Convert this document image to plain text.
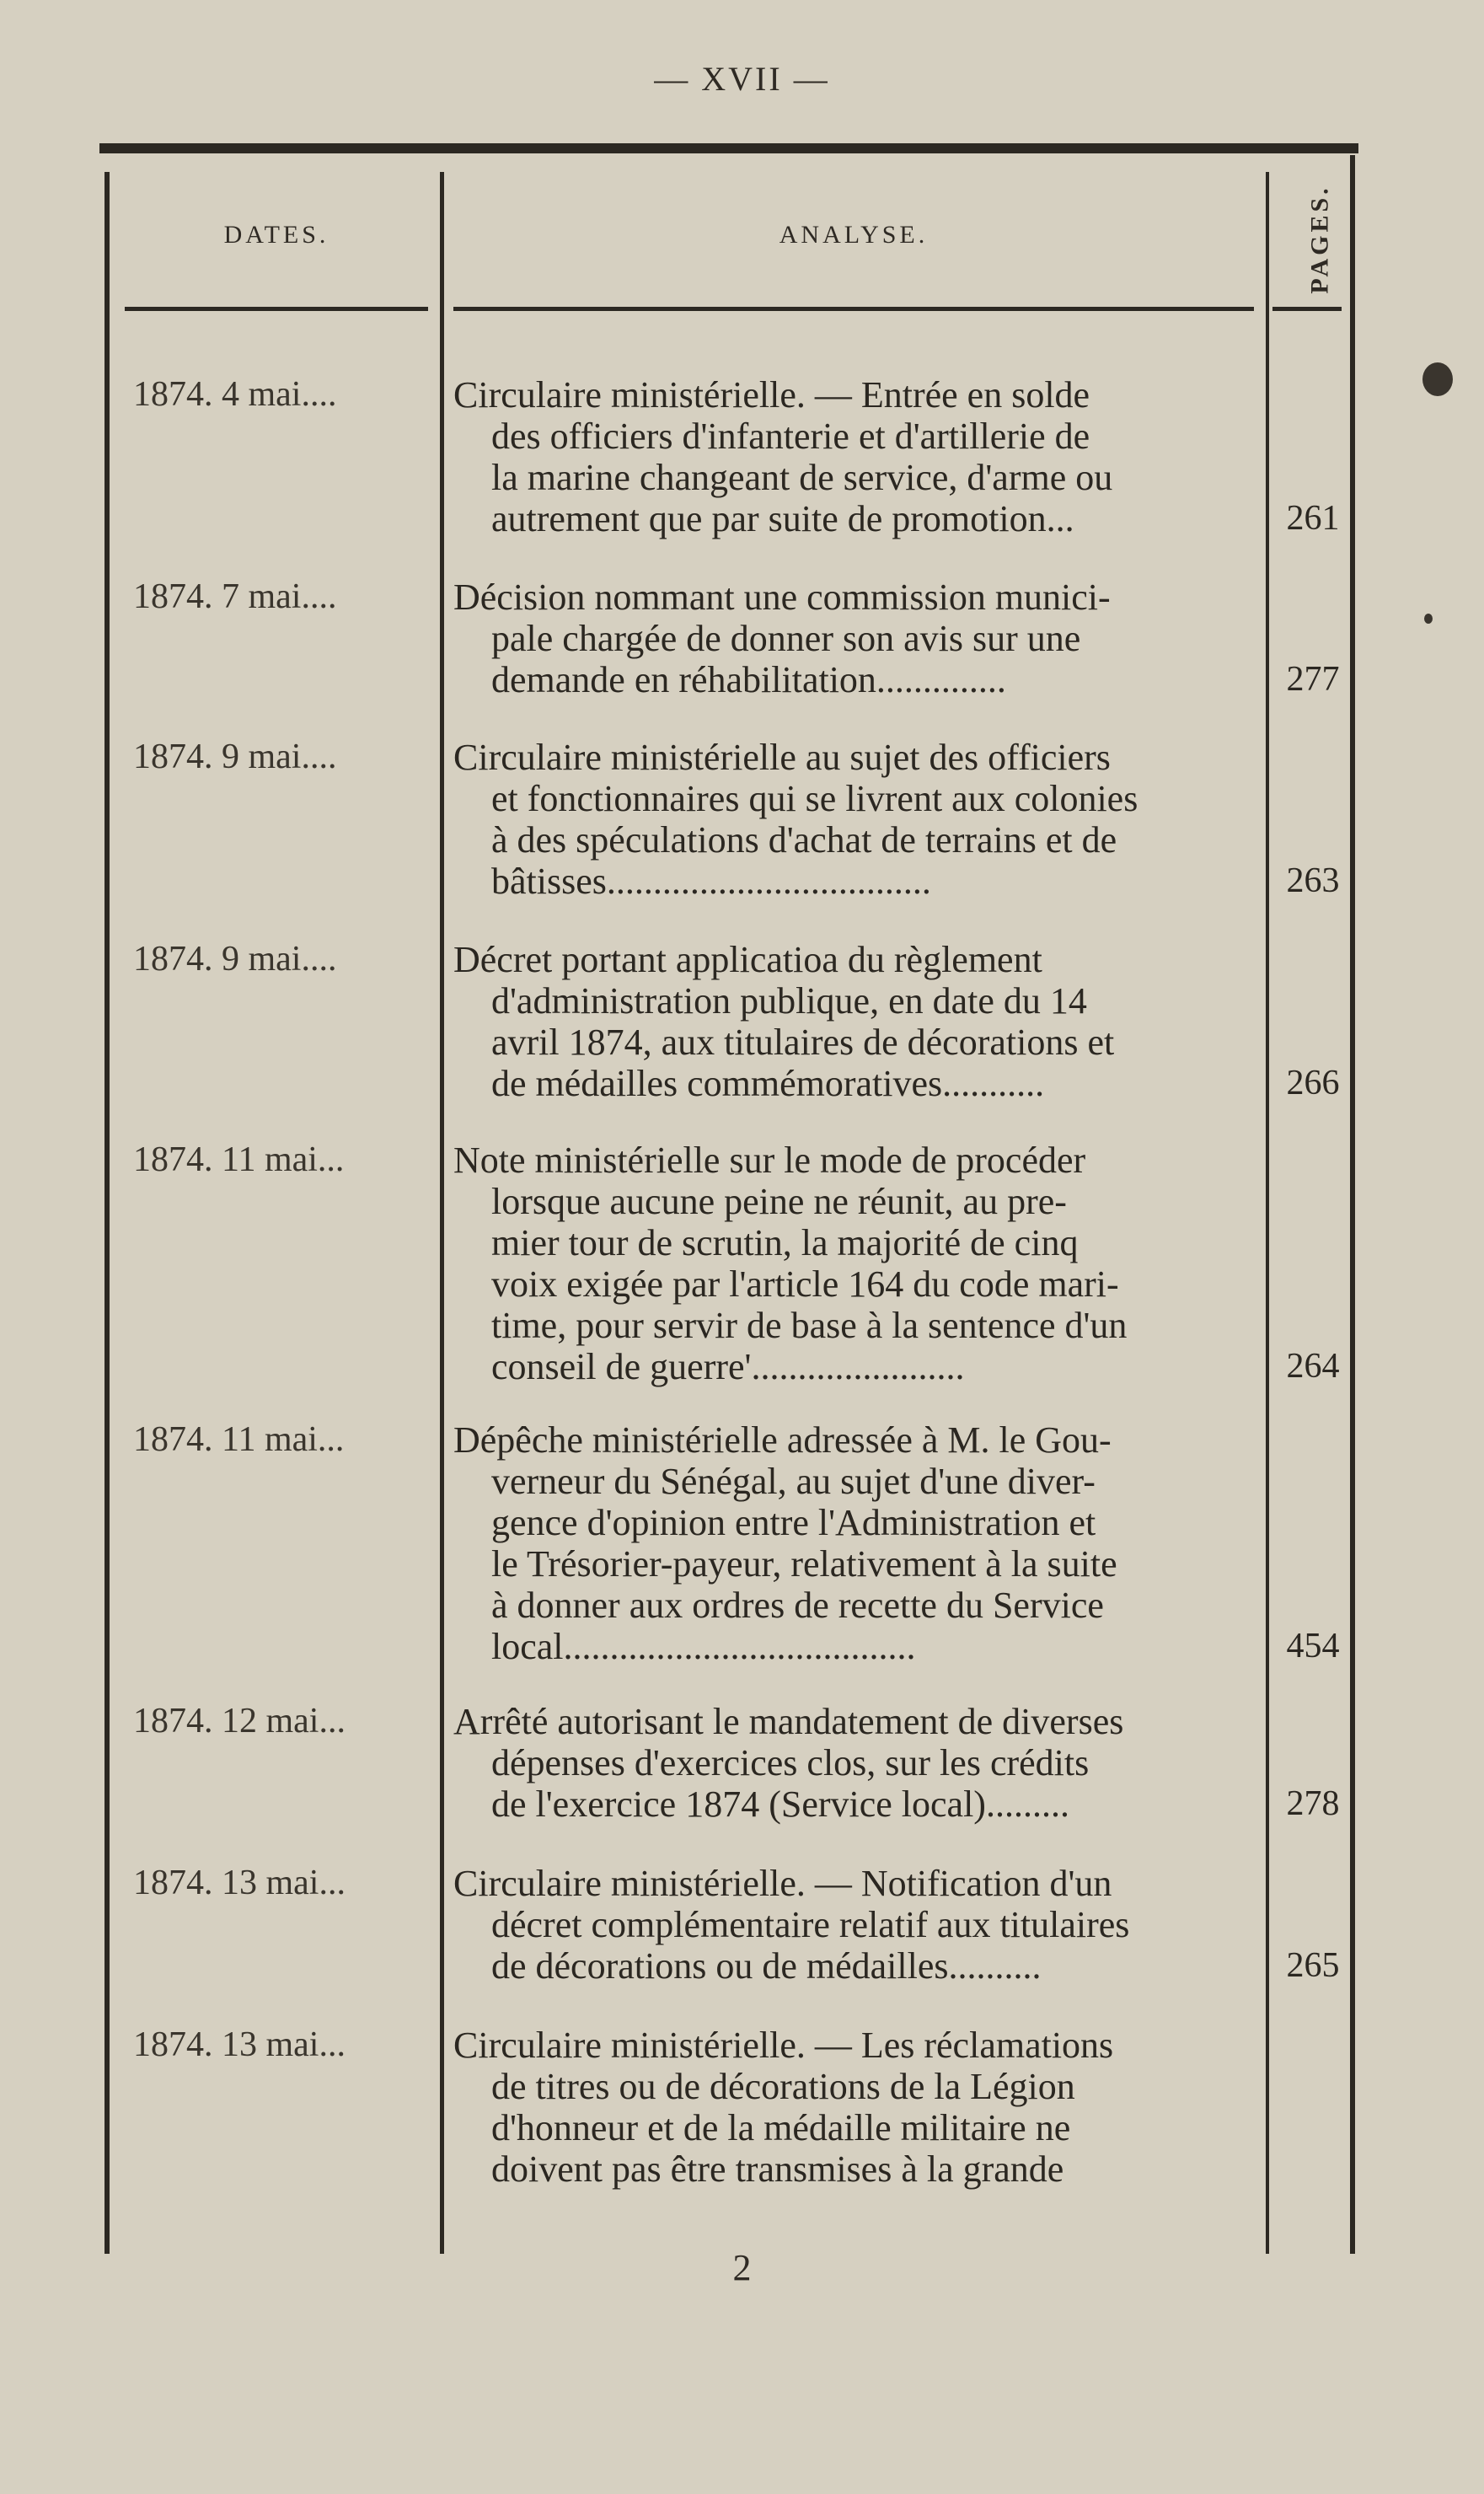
— XVII —
DATES.	ANALYSE.	PAGES.
1874. 4 mai....	Circulaire ministérielle. — Entrée en solde

des officiers d'infanterie et d'artillerie de

la marine changeant de service, d'arme ou

autrement que par suite de promotion...	261
1874. 7 mai....	Décision nommant une commission munici-

pale chargée de donner son avis sur une

demande en réhabilitation..............	277
1874. 9 mai....	Circulaire ministérielle au sujet des officiers

et fonctionnaires qui se livrent aux colonies

à des spéculations d'achat de terrains et de

bâtisses...................................	263
1874. 9 mai....	Décret portant applicatioa du règlement

d'administration publique, en date du 14

avril 1874, aux titulaires de décorations et

de médailles commémoratives...........	266
1874. 11 mai...	Note ministérielle sur le mode de procéder

lorsque aucune peine ne réunit, au pre-

mier tour de scrutin, la majorité de cinq

voix exigée par l'article 164 du code mari-

time, pour servir de base à la sentence d'un

conseil de guerre'.......................	264
1874. 11 mai...	Dépêche ministérielle adressée à M. le Gou-

verneur du Sénégal, au sujet d'une diver-

gence d'opinion entre l'Administration et

le Trésorier-payeur, relativement à la suite

à donner aux ordres de recette du Service

local......................................	454
1874. 12 mai...	Arrêté autorisant le mandatement de diverses

dépenses d'exercices clos, sur les crédits

de l'exercice 1874 (Service local).........	278
1874. 13 mai...	Circulaire ministérielle. — Notification d'un

décret complémentaire relatif aux titulaires

de décorations ou de médailles..........	265
1874. 13 mai...	Circulaire ministérielle. — Les réclamations

de titres ou de décorations de la Légion

d'honneur et de la médaille militaire ne

doivent pas être transmises à la grande

2
